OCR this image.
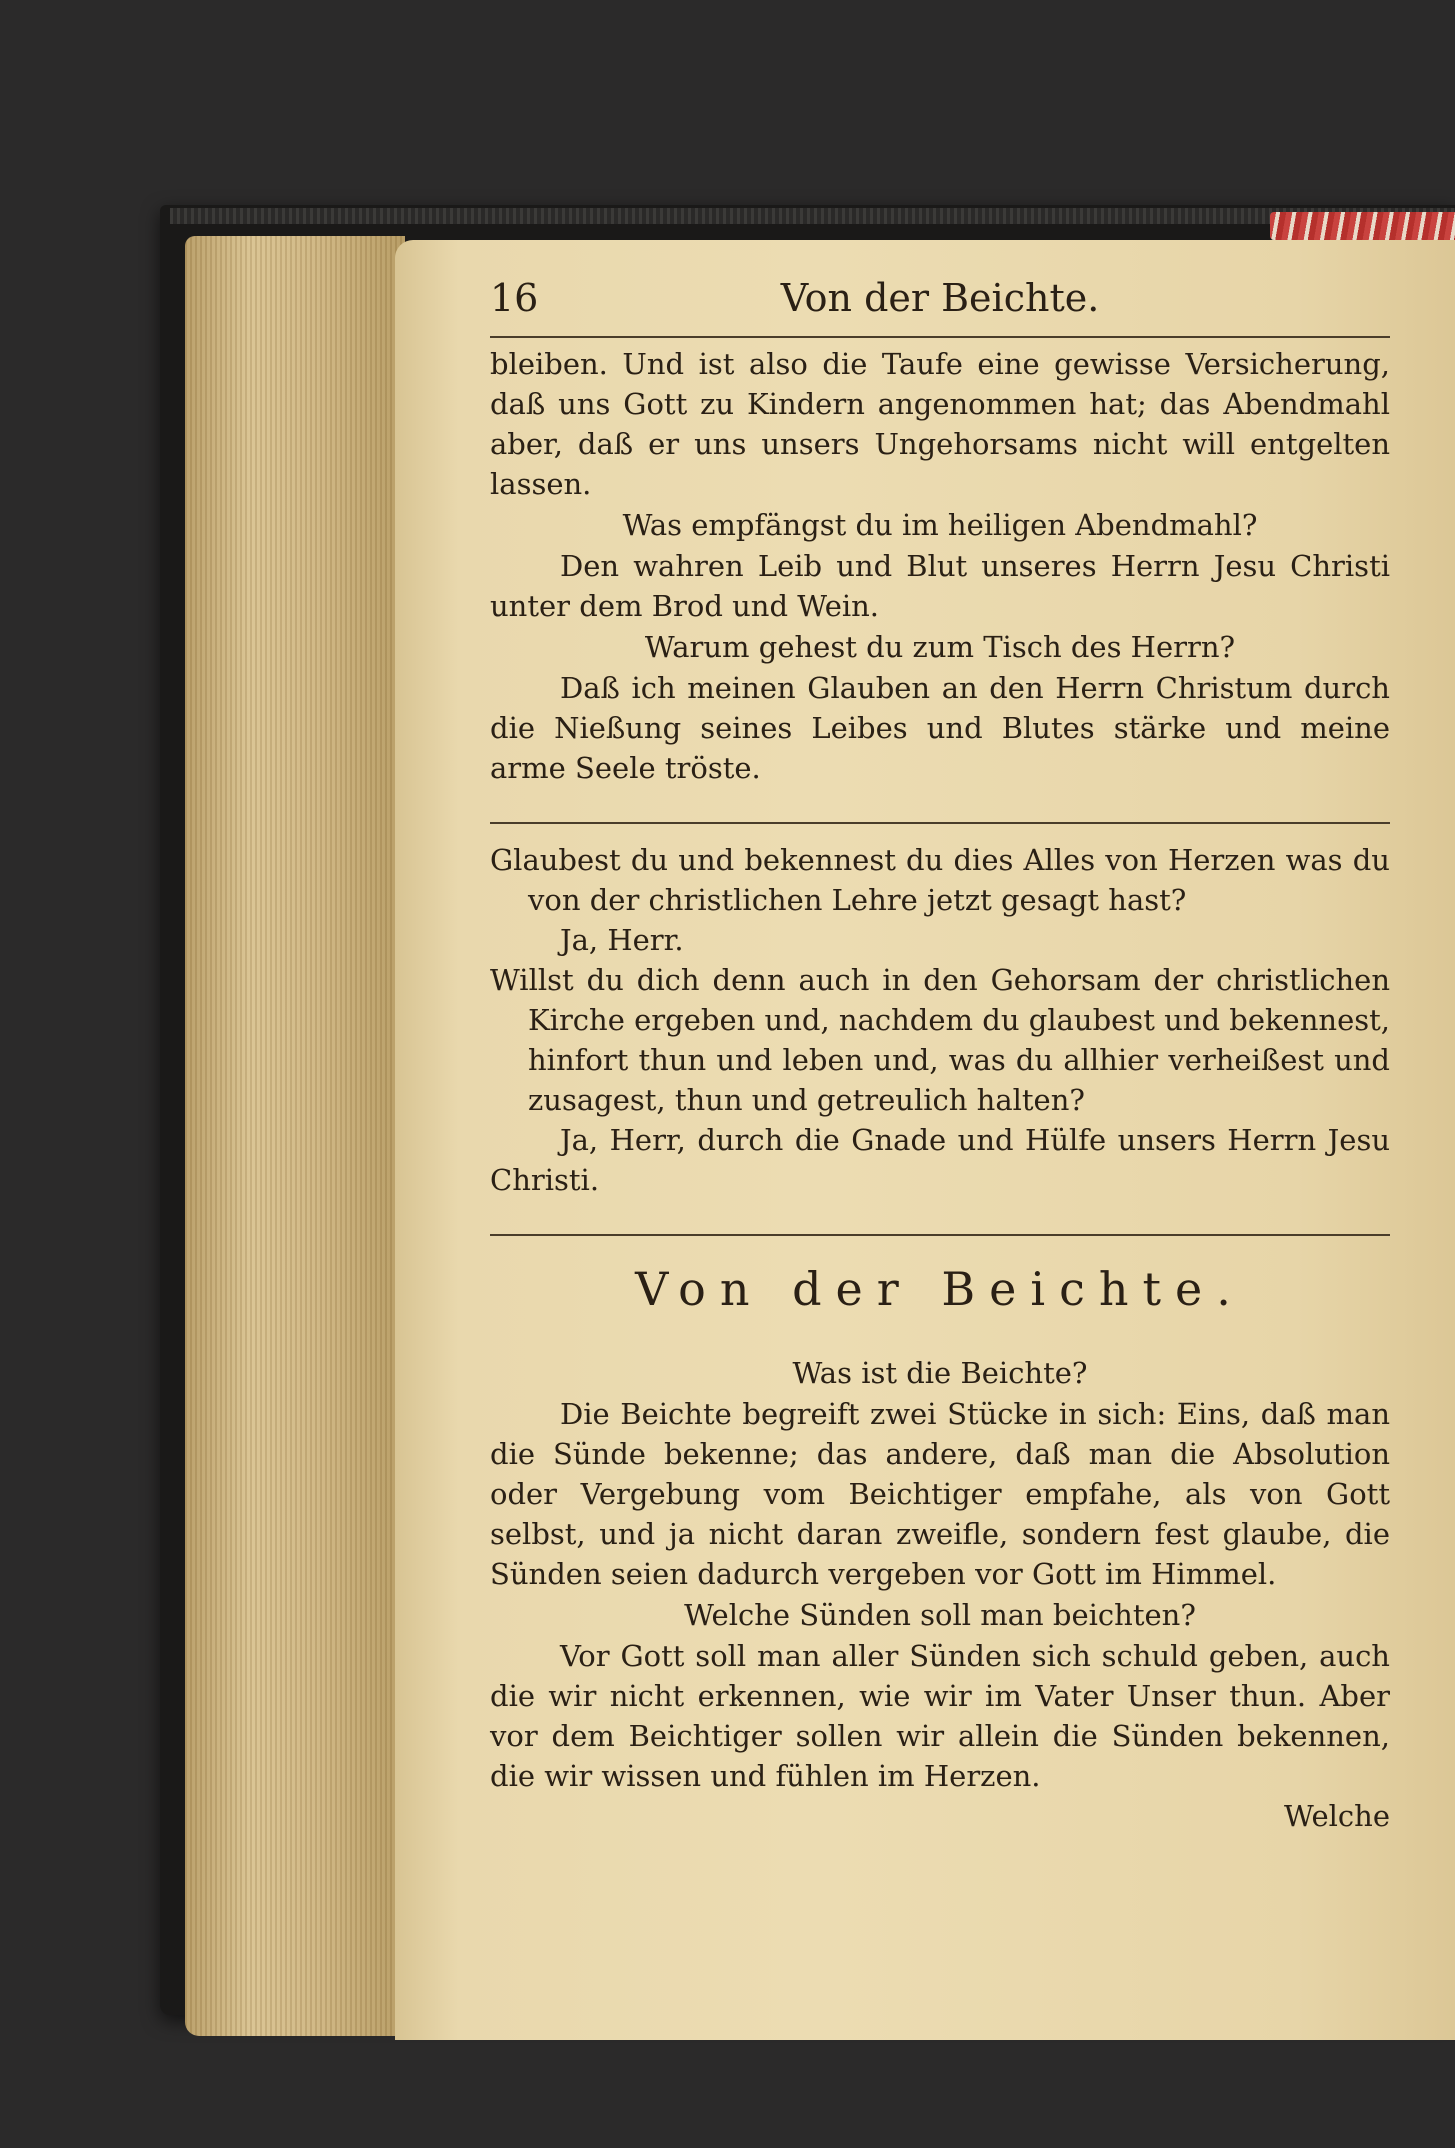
16	Von der Beichte.

bleiben. Und ist also die Taufe eine gewisse Versicherung, daß uns Gott zu Kindern angenommen hat; das Abendmahl aber, daß er uns unsers Ungehorsams nicht will entgelten lassen.

Was empfängst du im heiligen Abendmahl?

Den wahren Leib und Blut unseres Herrn Jesu Christi unter dem Brod und Wein.

Warum gehest du zum Tisch des Herrn?

Daß ich meinen Glauben an den Herrn Christum durch die Nießung seines Leibes und Blutes stärke und meine arme Seele tröste.

Glaubest du und bekennest du dies Alles von Herzen was du von der christlichen Lehre jetzt gesagt hast?

Ja, Herr.

Willst du dich denn auch in den Gehorsam der christlichen Kirche ergeben und, nachdem du glaubest und bekennest, hinfort thun und leben und, was du allhier verheißest und zusagest, thun und getreulich halten?

Ja, Herr, durch die Gnade und Hülfe unsers Herrn Jesu Christi.

Von der Beichte.

Was ist die Beichte?

Die Beichte begreift zwei Stücke in sich: Eins, daß man die Sünde bekenne; das andere, daß man die Absolution oder Vergebung vom Beichtiger empfahe, als von Gott selbst, und ja nicht daran zweifle, sondern fest glaube, die Sünden seien dadurch vergeben vor Gott im Himmel.

Welche Sünden soll man beichten?

Vor Gott soll man aller Sünden sich schuld geben, auch die wir nicht erkennen, wie wir im Vater Unser thun. Aber vor dem Beichtiger sollen wir allein die Sünden bekennen, die wir wissen und fühlen im Herzen.

Welche
